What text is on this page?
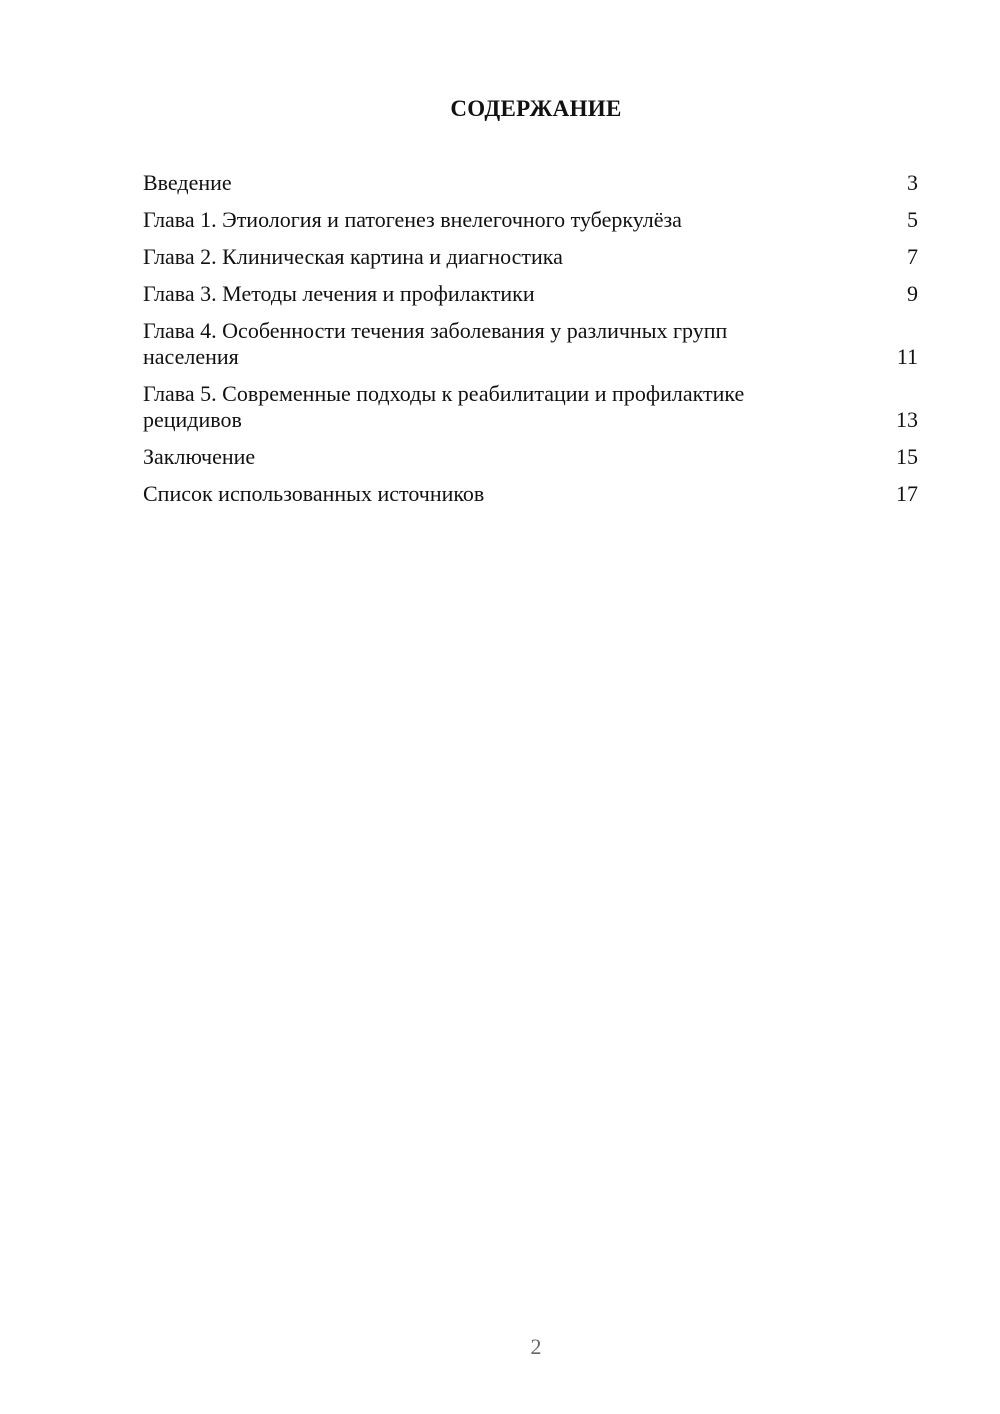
СОДЕРЖАНИЕ
Введение	3
Глава 1. Этиология и патогенез внелегочного туберкулёза	5
Глава 2. Клиническая картина и диагностика	7
Глава 3. Методы лечения и профилактики	9
Глава 4. Особенности течения заболевания у различных групп населения	11
Глава 5. Современные подходы к реабилитации и профилактике рецидивов	13
Заключение	15
Список использованных источников	17
2
